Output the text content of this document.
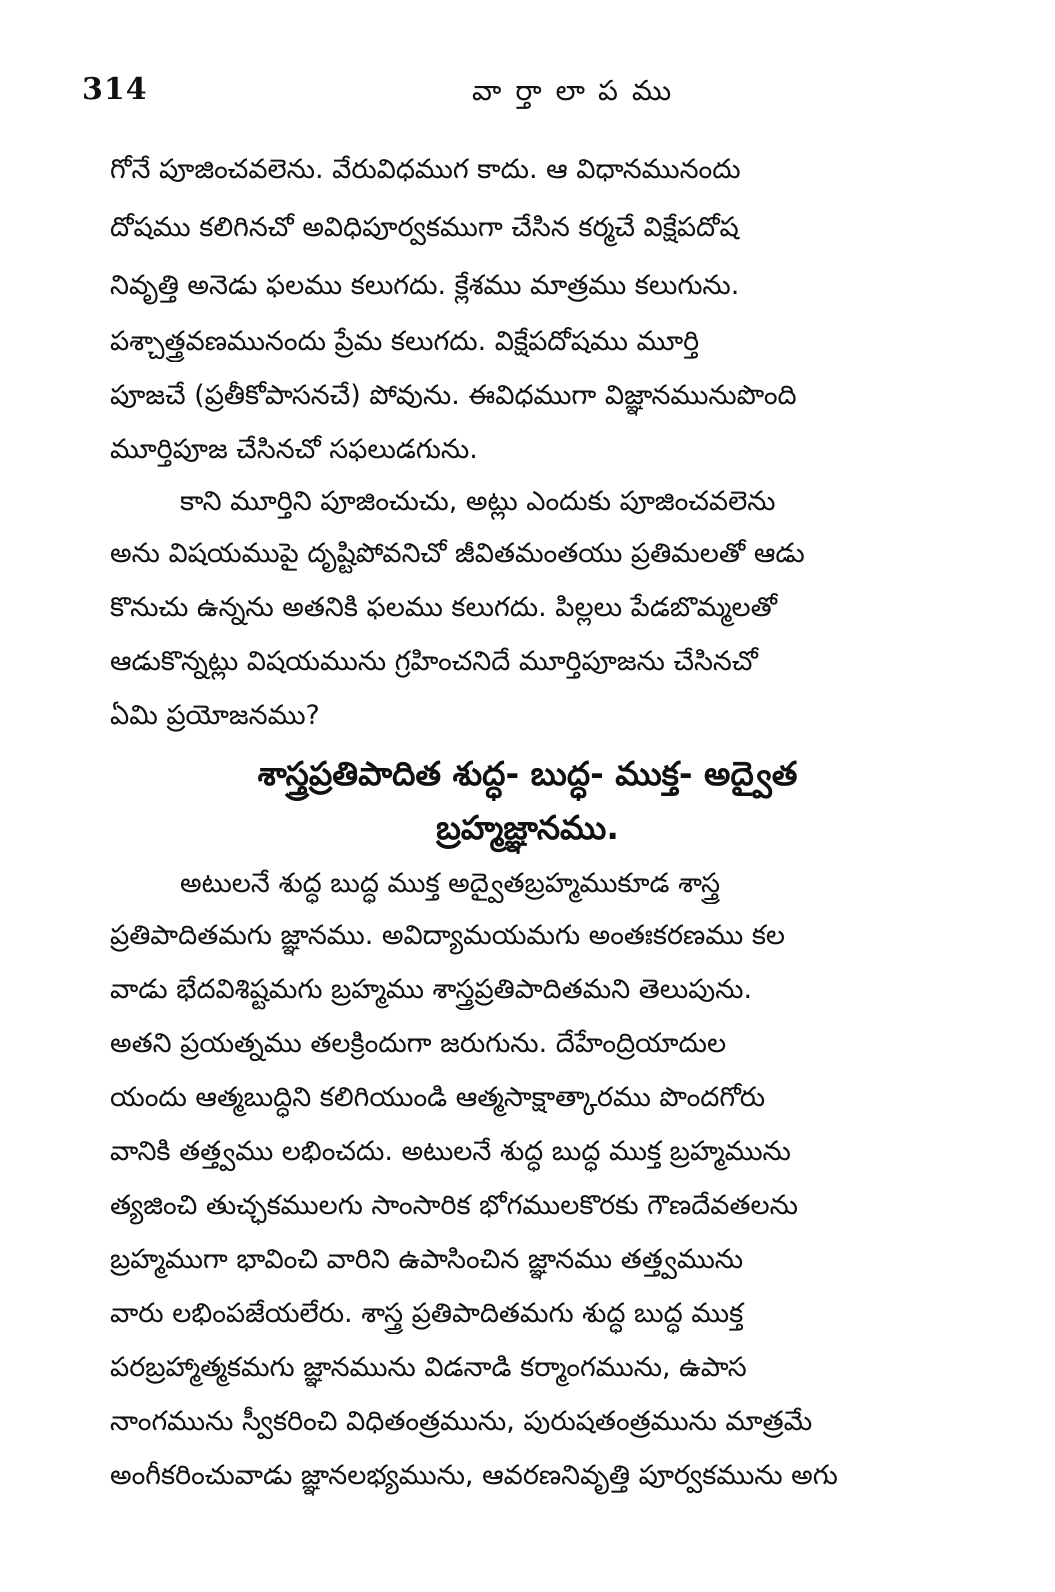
314	వార్తాలాపము
గోనే పూజించవలెను. వేరువిధముగ కాదు. ఆ విధానమునందు
దోషము కలిగినచో అవిధిపూర్వకముగా చేసిన కర్మచే విక్షేపదోష
నివృత్తి అనెడు ఫలము కలుగదు. క్లేశము మాత్రము కలుగును.
పశ్చాత్త్రవణమునందు ప్రేమ కలుగదు. విక్షేపదోషము మూర్తి
పూజచే (ప్రతీకోపాసనచే) పోవును. ఈవిధముగా విజ్ఞానమునుపొంది
మూర్తిపూజ చేసినచో సఫలుడగును.
కాని మూర్తిని పూజించుచు, అట్లు ఎందుకు పూజించవలెను
అను విషయముపై దృష్టిపోవనిచో జీవితమంతయు ప్రతిమలతో ఆడు
కొనుచు ఉన్నను అతనికి ఫలము కలుగదు. పిల్లలు పేడబొమ్మలతో
ఆడుకొన్నట్లు విషయమును గ్రహించనిదే మూర్తిపూజను చేసినచో
ఏమి ప్రయోజనము?
శాస్త్రప్రతిపాదిత శుద్ధ- బుద్ధ- ముక్త- అద్వైత
బ్రహ్మజ్ఞానము.
అటులనే శుద్ధ బుద్ధ ముక్త అద్వైతబ్రహ్మముకూడ శాస్త్ర
ప్రతిపాదితమగు జ్ఞానము. అవిద్యామయమగు అంతఃకరణము కల
వాడు భేదవిశిష్టమగు బ్రహ్మము శాస్త్రప్రతిపాదితమని తెలుపును.
అతని ప్రయత్నము తలక్రిందుగా జరుగును. దేహేంద్రియాదుల
యందు ఆత్మబుద్ధిని కలిగియుండి ఆత్మసాక్షాత్కారము పొందగోరు
వానికి తత్త్వము లభించదు. అటులనే శుద్ధ బుద్ధ ముక్త బ్రహ్మమును
త్యజించి తుచ్ఛకములగు సాంసారిక భోగములకొరకు గౌణదేవతలను
బ్రహ్మముగా భావించి వారిని ఉపాసించిన జ్ఞానము తత్త్వమును
వారు లభింపజేయలేరు. శాస్త్ర ప్రతిపాదితమగు శుద్ధ బుద్ధ ముక్త
పరబ్రహ్మాత్మకమగు జ్ఞానమును విడనాడి కర్మాంగమును, ఉపాస
నాంగమును స్వీకరించి విధితంత్రమును, పురుషతంత్రమును మాత్రమే
అంగీకరించువాడు జ్ఞానలభ్యమును, ఆవరణనివృత్తి పూర్వకమును అగు
